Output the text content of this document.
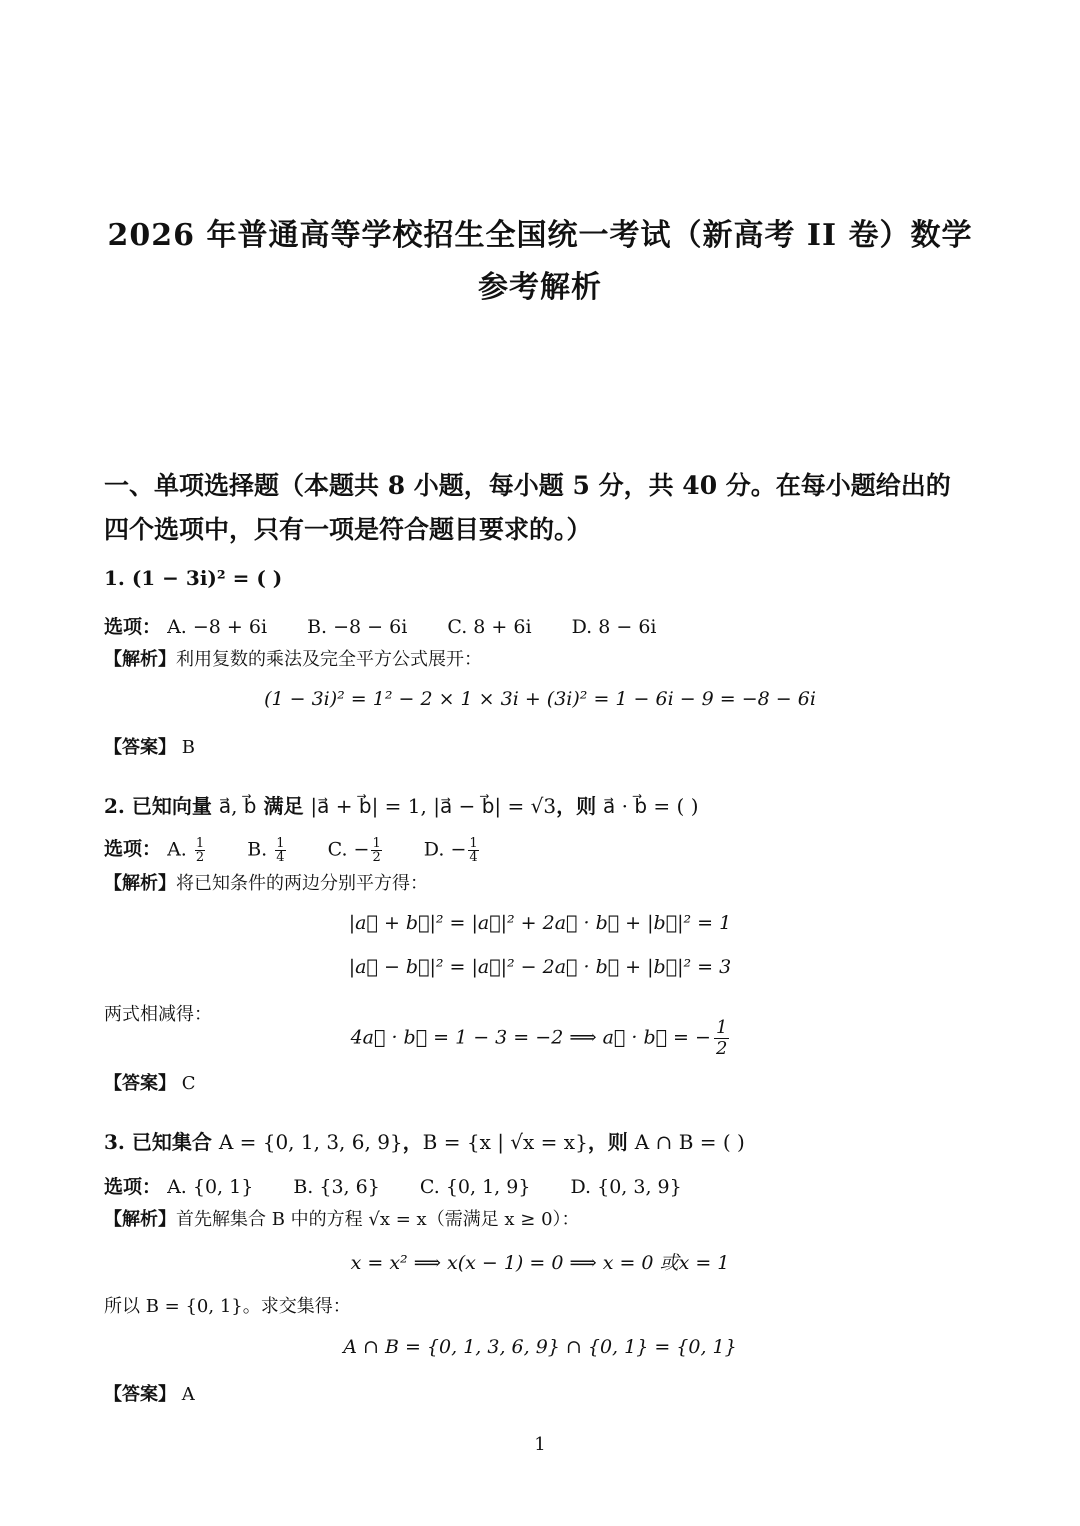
2026 年普通高等学校招生全国统一考试（新高考 II 卷）数学
参考解析
一、单项选择题（本题共 8 小题，每小题 5 分，共 40 分。在每小题给出的
四个选项中，只有一项是符合题目要求的。）
1. (1 − 3i)² = ( )
选项： A. −8 + 6i B. −8 − 6i C. 8 + 6i D. 8 − 6i
【解析】利用复数的乘法及完全平方公式展开：
(1 − 3i)² = 1² − 2 × 1 × 3i + (3i)² = 1 − 6i − 9 = −8 − 6i
【答案】 B
2. 已知向量 a⃗, b⃗ 满足 |a⃗ + b⃗| = 1, |a⃗ − b⃗| = √3，则 a⃗ · b⃗ = ( )
选项： A. $\frac{1}{2} B$. $\frac{1}{4} C$. − $\frac{1}{2} D$. − $\frac{1}{4}$
【解析】将已知条件的两边分别平方得：
|a⃗ + b⃗|² = |a⃗|² + 2a⃗ · b⃗ + |b⃗|² = 1
|a⃗ − b⃗|² = |a⃗|² − 2a⃗ · b⃗ + |b⃗|² = 3
两式相减得：
4a⃗ · b⃗ = 1 − 3 = −2 ⟹ a⃗ · b⃗ = − $\frac{1}{2}$
【答案】 C
3. 已知集合 A = {0, 1, 3, 6, 9}，B = {x | √x = x}，则 A ∩ B = ( )
选项： A. {0, 1} B. {3, 6} C. {0, 1, 9} D. {0, 3, 9}
【解析】首先解集合 B 中的方程 √x = x（需满足 x ≥ 0）：
x = x² ⟹ x(x − 1) = 0 ⟹ x = 0 或x = 1
所以 B = {0, 1}。求交集得：
A ∩ B = {0, 1, 3, 6, 9} ∩ {0, 1} = {0, 1}
【答案】 A
1
